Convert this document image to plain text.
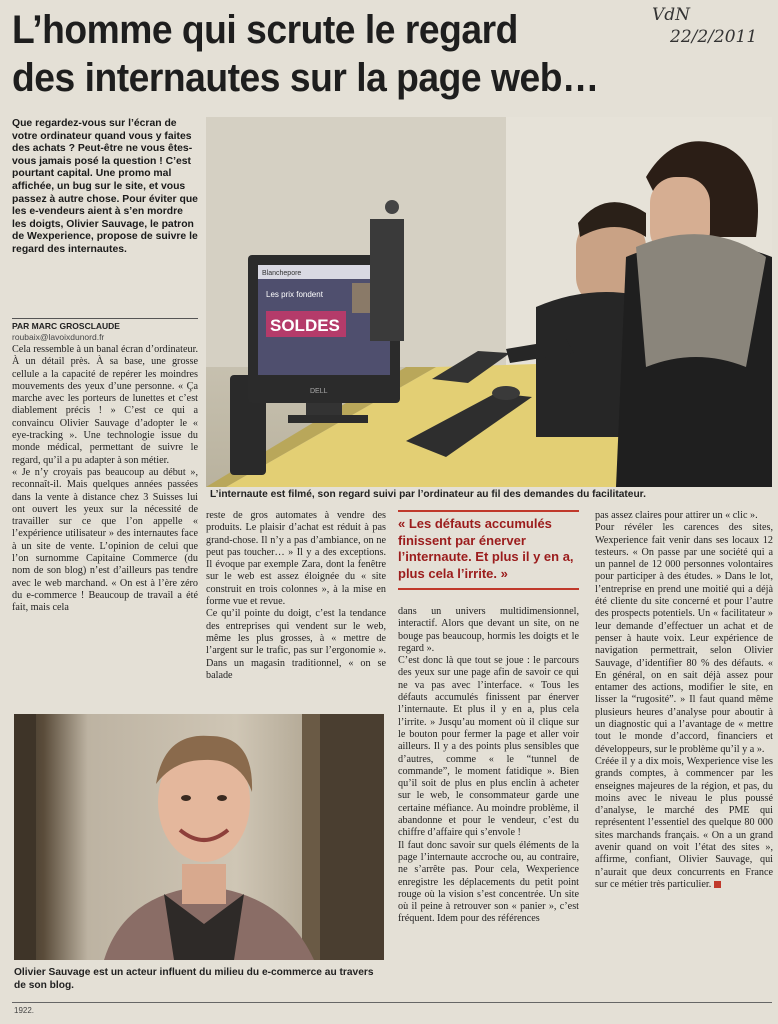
L’homme qui scrute le regard
des internautes sur la page web…
VdN
22/2/2011
Que regardez-vous sur l’écran de votre ordinateur quand vous y faites des achats ? Peut-être ne vous êtes-vous jamais posé la question ! C’est pourtant capital. Une promo mal affichée, un bug sur le site, et vous passez à autre chose. Pour éviter que les e-vendeurs aient à s’en mordre les doigts, Olivier Sauvage, le patron de Wexperience, propose de suivre le regard des internautes.
PAR MARC GROSCLAUDE
roubaix@lavoixdunord.fr

Cela ressemble à un banal écran d’ordinateur. À un détail près. À sa base, une grosse cellule a la capacité de repérer les moindres mouvements des yeux d’une personne. « Ça marche avec les porteurs de lunettes et c’est diablement précis ! » C’est ce qui a convaincu Olivier Sauvage d’adopter le « eye-tracking ». Une technologie issue du monde médical, permettant de suivre le regard, qu’il a pu adapter à son métier.

« Je n’y croyais pas beaucoup au début », reconnaît-il. Mais quelques années passées dans la vente à distance chez 3 Suisses lui ont ouvert les yeux sur la nécessité de travailler sur ce que l’on appelle « l’expérience utilisateur » des internautes face à un site de vente. L’opinion de celui que l’on surnomme Capitaine Commerce (du nom de son blog) n’est d’ailleurs pas tendre avec le web marchand. « On est à l’ère zéro du e-commerce ! Beaucoup de travail a été fait, mais cela

Blanchepore
Les prix fondent
SOLDES
DELL
L’internaute est filmé, son regard suivi par l’ordinateur au fil des demandes du facilitateur.

reste de gros automates à vendre des produits. Le plaisir d’achat est réduit à pas grand-chose. Il n’y a pas d’ambiance, on ne peut pas toucher… » Il y a des exceptions. Il évoque par exemple Zara, dont la fenêtre sur le web est assez éloignée du « site construit en trois colonnes », à la mise en forme vue et revue.

Ce qu’il pointe du doigt, c’est la tendance des entreprises qui vendent sur le web, même les plus grosses, à « mettre de l’argent sur le trafic, pas sur l’ergonomie ». Dans un magasin traditionnel, « on se balade

« Les défauts accumulés finissent par énerver l’internaute. Et plus il y en a, plus cela l’irrite. »

dans un univers multidimensionnel, interactif. Alors que devant un site, on ne bouge pas beaucoup, hormis les doigts et le regard ».

C’est donc là que tout se joue : le parcours des yeux sur une page afin de savoir ce qui ne va pas avec l’interface. « Tous les défauts accumulés finissent par énerver l’internaute. Et plus il y en a, plus cela l’irrite. » Jusqu’au moment où il clique sur le bouton pour fermer la page et aller voir ailleurs. Il y a des points plus sensibles que d’autres, comme « le “tunnel de commande”, le moment fatidique ». Bien qu’il soit de plus en plus enclin à acheter sur le web, le consommateur garde une certaine méfiance. Au moindre problème, il abandonne et pour le vendeur, c’est du chiffre d’affaire qui s’envole !

Il faut donc savoir sur quels éléments de la page l’internaute accroche ou, au contraire, ne s’arrête pas. Pour cela, Wexperience enregistre les déplacements du petit point rouge où la vision s’est concentrée. Un site où il peine à retrouver son « panier », c’est fréquent. Idem pour des références

pas assez claires pour attirer un « clic ».

Pour révéler les carences des sites, Wexperience fait venir dans ses locaux 12 testeurs. « On passe par une société qui a un pannel de 12 000 personnes volontaires pour participer à des études. » Dans le lot, l’entreprise en prend une moitié qui a déjà été cliente du site concerné et pour l’autre des prospects potentiels. Un « facilitateur » leur demande d’effectuer un achat et de penser à haute voix. Leur expérience de navigation permettrait, selon Olivier Sauvage, d’identifier 80 % des défauts. « En général, on en sait déjà assez pour entamer des actions, modifier le site, en lisser la “rugosité”. » Il faut quand même plusieurs heures d’analyse pour aboutir à un diagnostic qui a l’avantage de « mettre tout le monde d’accord, financiers et développeurs, sur le problème qu’il y a ».

Créée il y a dix mois, Wexperience vise les grands comptes, à commencer par les enseignes majeures de la région, et pas, du moins avec le niveau le plus poussé d’analyse, le marché des PME qui représentent l’essentiel des quelque 80 000 sites marchands français. « On a un grand avenir quand on voit l’état des sites », affirme, confiant, Olivier Sauvage, qui n’aurait que deux concurrents en France sur ce métier très particulier.

Olivier Sauvage est un acteur influent du milieu du e-commerce au travers de son blog.
1922.
